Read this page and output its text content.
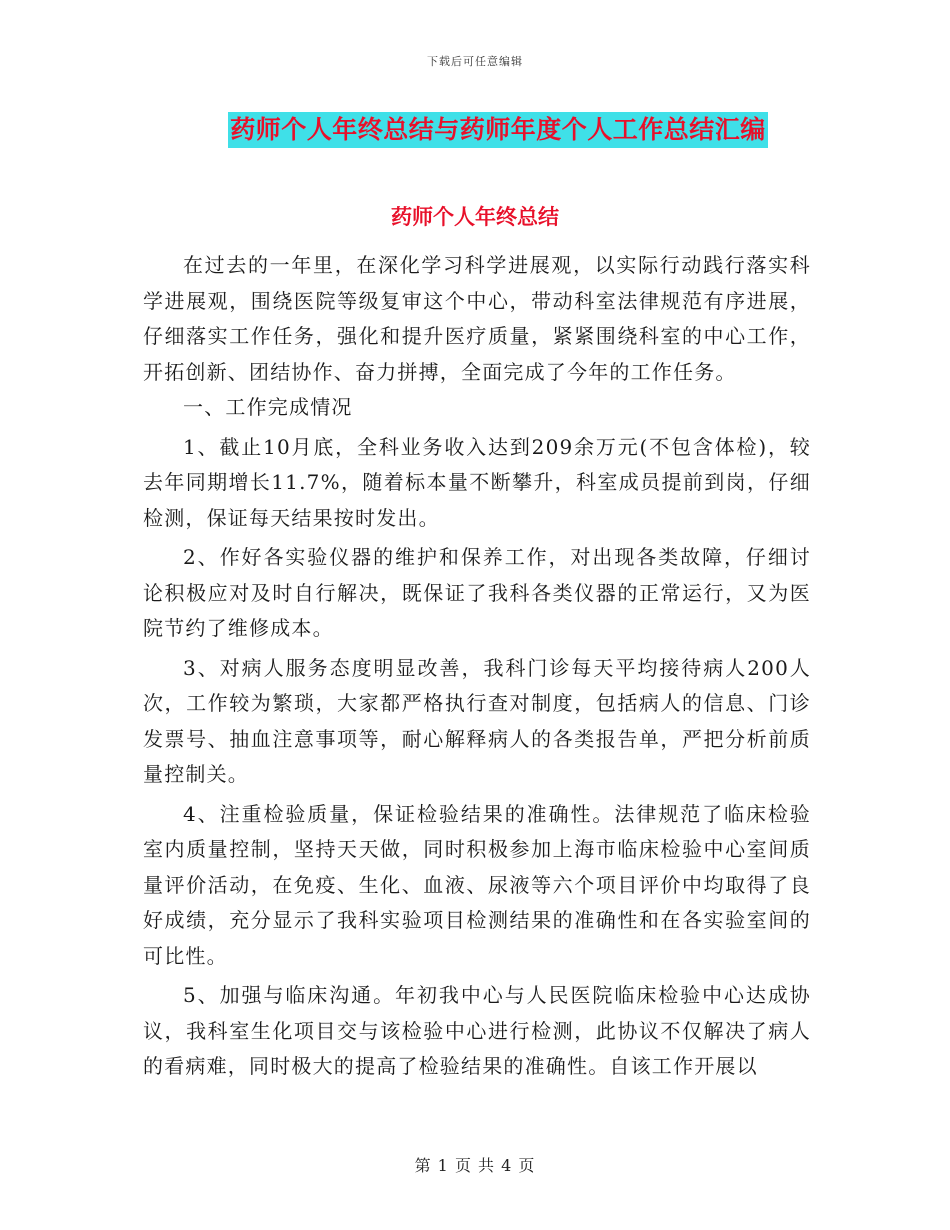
下载后可任意编辑
药师个人年终总结与药师年度个人工作总结汇编
药师个人年终总结

在过去的一年里，在深化学习科学进展观，以实际行动践行落实科学进展观，围绕医院等级复审这个中心，带动科室法律规范有序进展，仔细落实工作任务，强化和提升医疗质量，紧紧围绕科室的中心工作，开拓创新、团结协作、奋力拼搏，全面完成了今年的工作任务。

一、工作完成情况

1、截止10月底，全科业务收入达到209余万元(不包含体检)，较去年同期增长11.7%，随着标本量不断攀升，科室成员提前到岗，仔细检测，保证每天结果按时发出。

2、作好各实验仪器的维护和保养工作，对出现各类故障，仔细讨论积极应对及时自行解决，既保证了我科各类仪器的正常运行，又为医院节约了维修成本。

3、对病人服务态度明显改善，我科门诊每天平均接待病人200人次，工作较为繁琐，大家都严格执行查对制度，包括病人的信息、门诊发票号、抽血注意事项等，耐心解释病人的各类报告单，严把分析前质量控制关。

4、注重检验质量，保证检验结果的准确性。法律规范了临床检验室内质量控制，坚持天天做，同时积极参加上海市临床检验中心室间质量评价活动，在免疫、生化、血液、尿液等六个项目评价中均取得了良好成绩，充分显示了我科实验项目检测结果的准确性和在各实验室间的可比性。

5、加强与临床沟通。年初我中心与人民医院临床检验中心达成协议，我科室生化项目交与该检验中心进行检测，此协议不仅解决了病人的看病难，同时极大的提高了检验结果的准确性。自该工作开展以

第 1 页 共 4 页
